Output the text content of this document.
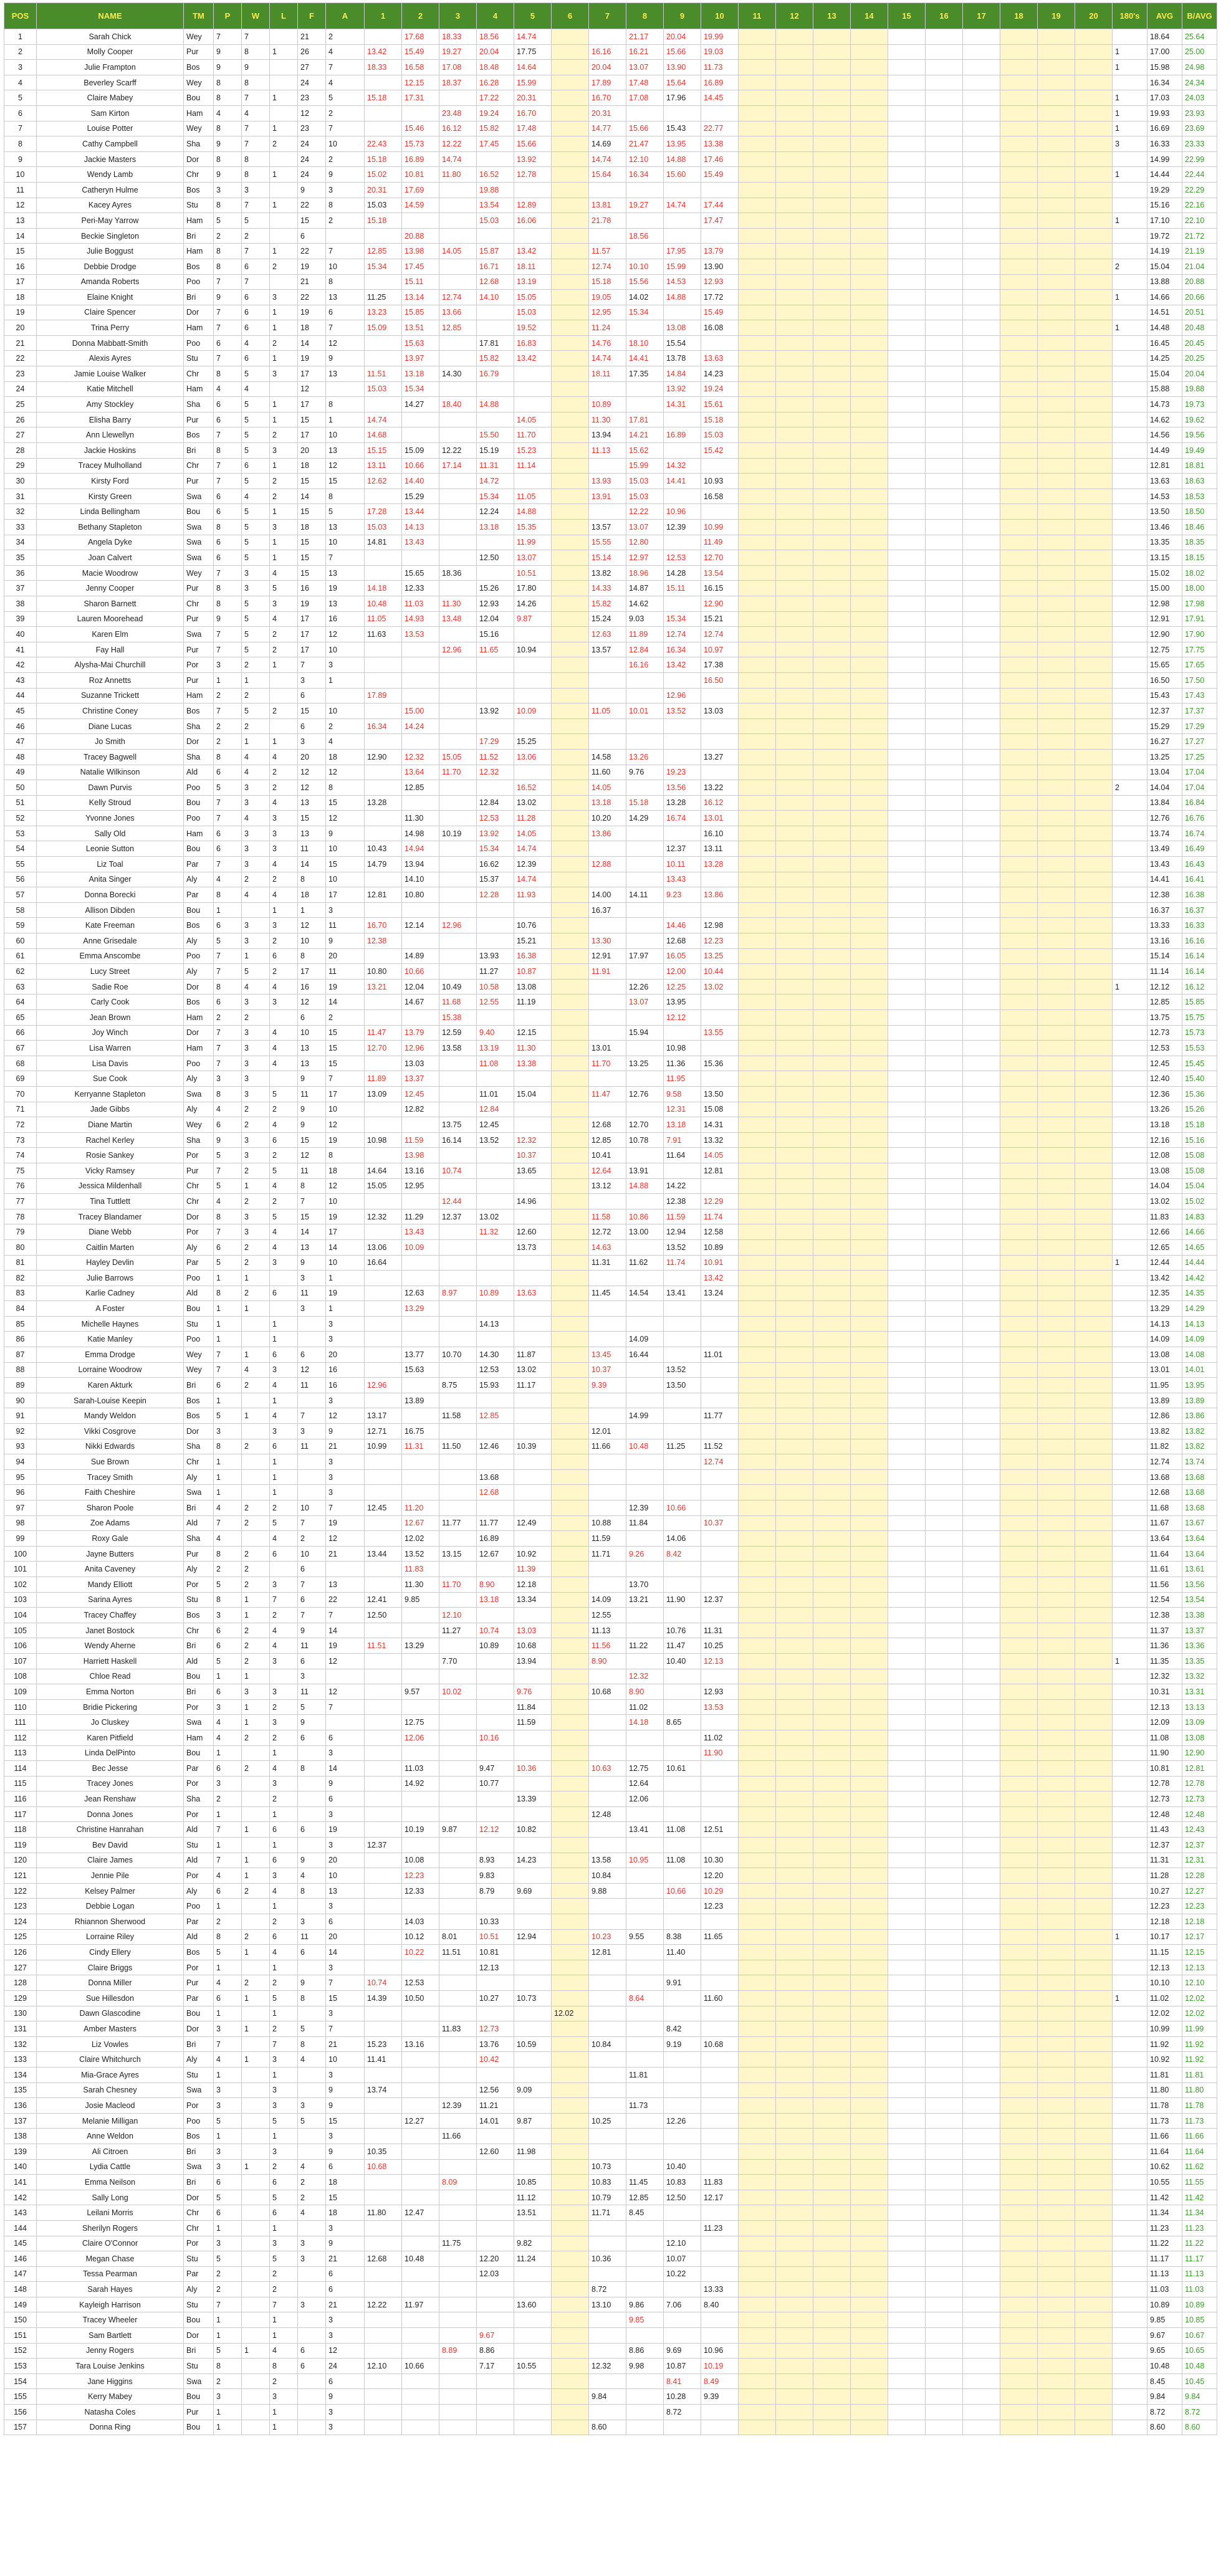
POS	NAME	TM	P	W	L	F	A	1	2	3	4	5	6	7	8	9	10	11	12	13	14	15	16	17	18	19	20	180's	AVG	B/AVG
1	Sarah Chick	Wey	7	7		21	2		17.68	18.33	18.56	14.74			21.17	20.04	19.99												18.64	25.64
2	Molly Cooper	Pur	9	8	1	26	4	13.42	15.49	19.27	20.04	17.75		16.16	16.21	15.66	19.03											1	17.00	25.00
3	Julie Frampton	Bos	9	9		27	7	18.33	16.58	17.08	18.48	14.64		20.04	13.07	13.90	11.73											1	15.98	24.98
4	Beverley Scarff	Wey	8	8		24	4		12.15	18.37	16.28	15.99		17.89	17.48	15.64	16.89												16.34	24.34
5	Claire Mabey	Bou	8	7	1	23	5	15.18	17.31		17.22	20.31		16.70	17.08	17.96	14.45											1	17.03	24.03
6	Sam Kirton	Ham	4	4		12	2			23.48	19.24	16.70		20.31														1	19.93	23.93
7	Louise Potter	Wey	8	7	1	23	7		15.46	16.12	15.82	17.48		14.77	15.66	15.43	22.77											1	16.69	23.69
8	Cathy Campbell	Sha	9	7	2	24	10	22.43	15.73	12.22	17.45	15.66		14.69	21.47	13.95	13.38											3	16.33	23.33
9	Jackie Masters	Dor	8	8		24	2	15.18	16.89	14.74		13.92		14.74	12.10	14.88	17.46												14.99	22.99
10	Wendy Lamb	Chr	9	8	1	24	9	15.02	10.81	11.80	16.52	12.78		15.64	16.34	15.60	15.49											1	14.44	22.44
11	Catheryn Hulme	Bos	3	3		9	3	20.31	17.69		19.88																		19.29	22.29
12	Kacey Ayres	Stu	8	7	1	22	8	15.03	14.59		13.54	12.89		13.81	19.27	14.74	17.44												15.16	22.16
13	Peri-May Yarrow	Ham	5	5		15	2	15.18			15.03	16.06		21.78			17.47											1	17.10	22.10
14	Beckie Singleton	Bri	2	2		6			20.88						18.56														19.72	21.72
15	Julie Boggust	Ham	8	7	1	22	7	12.85	13.98	14.05	15.87	13.42		11.57		17.95	13.79												14.19	21.19
16	Debbie Drodge	Bos	8	6	2	19	10	15.34	17.45		16.71	18.11		12.74	10.10	15.99	13.90											2	15.04	21.04
17	Amanda Roberts	Poo	7	7		21	8		15.11		12.68	13.19		15.18	15.56	14.53	12.93												13.88	20.88
18	Elaine Knight	Bri	9	6	3	22	13	11.25	13.14	12.74	14.10	15.05		19.05	14.02	14.88	17.72											1	14.66	20.66
19	Claire Spencer	Dor	7	6	1	19	6	13.23	15.85	13.66		15.03		12.95	15.34		15.49												14.51	20.51
20	Trina Perry	Ham	7	6	1	18	7	15.09	13.51	12.85		19.52		11.24		13.08	16.08											1	14.48	20.48
21	Donna Mabbatt-Smith	Poo	6	4	2	14	12		15.63		17.81	16.83		14.76	18.10	15.54													16.45	20.45
22	Alexis Ayres	Stu	7	6	1	19	9		13.97		15.82	13.42		14.74	14.41	13.78	13.63												14.25	20.25
23	Jamie Louise Walker	Chr	8	5	3	17	13	11.51	13.18	14.30	16.79			18.11	17.35	14.84	14.23												15.04	20.04
24	Katie Mitchell	Ham	4	4		12		15.03	15.34							13.92	19.24												15.88	19.88
25	Amy Stockley	Sha	6	5	1	17	8		14.27	18.40	14.88			10.89		14.31	15.61												14.73	19.73
26	Elisha Barry	Pur	6	5	1	15	1	14.74				14.05		11.30	17.81		15.18												14.62	19.62
27	Ann Llewellyn	Bos	7	5	2	17	10	14.68			15.50	11.70		13.94	14.21	16.89	15.03												14.56	19.56
28	Jackie Hoskins	Bri	8	5	3	20	13	15.15	15.09	12.22	15.19	15.23		11.13	15.62		15.42												14.49	19.49
29	Tracey Mulholland	Chr	7	6	1	18	12	13.11	10.66	17.14	11.31	11.14			15.99	14.32													12.81	18.81
30	Kirsty Ford	Pur	7	5	2	15	15	12.62	14.40		14.72			13.93	15.03	14.41	10.93												13.63	18.63
31	Kirsty Green	Swa	6	4	2	14	8		15.29		15.34	11.05		13.91	15.03		16.58												14.53	18.53
32	Linda Bellingham	Bou	6	5	1	15	5	17.28	13.44		12.24	14.88			12.22	10.96													13.50	18.50
33	Bethany Stapleton	Swa	8	5	3	18	13	15.03	14.13		13.18	15.35		13.57	13.07	12.39	10.99												13.46	18.46
34	Angela Dyke	Swa	6	5	1	15	10	14.81	13.43			11.99		15.55	12.80		11.49												13.35	18.35
35	Joan Calvert	Swa	6	5	1	15	7				12.50	13.07		15.14	12.97	12.53	12.70												13.15	18.15
36	Macie Woodrow	Wey	7	3	4	15	13		15.65	18.36		10.51		13.82	18.96	14.28	13.54												15.02	18.02
37	Jenny Cooper	Pur	8	3	5	16	19	14.18	12.33		15.26	17.80		14.33	14.87	15.11	16.15												15.00	18.00
38	Sharon Barnett	Chr	8	5	3	19	13	10.48	11.03	11.30	12.93	14.26		15.82	14.62		12.90												12.98	17.98
39	Lauren Moorehead	Pur	9	5	4	17	16	11.05	14.93	13.48	12.04	9.87		15.24	9.03	15.34	15.21												12.91	17.91
40	Karen Elm	Swa	7	5	2	17	12	11.63	13.53		15.16			12.63	11.89	12.74	12.74												12.90	17.90
41	Fay Hall	Pur	7	5	2	17	10			12.96	11.65	10.94		13.57	12.84	16.34	10.97												12.75	17.75
42	Alysha-Mai Churchill	Por	3	2	1	7	3								16.16	13.42	17.38												15.65	17.65
43	Roz Annetts	Pur	1	1		3	1										16.50												16.50	17.50
44	Suzanne Trickett	Ham	2	2		6		17.89								12.96													15.43	17.43
45	Christine Coney	Bos	7	5	2	15	10		15.00		13.92	10.09		11.05	10.01	13.52	13.03												12.37	17.37
46	Diane Lucas	Sha	2	2		6	2	16.34	14.24																				15.29	17.29
47	Jo Smith	Dor	2	1	1	3	4				17.29	15.25																	16.27	17.27
48	Tracey Bagwell	Sha	8	4	4	20	18	12.90	12.32	15.05	11.52	13.06		14.58	13.26		13.27												13.25	17.25
49	Natalie Wilkinson	Ald	6	4	2	12	12		13.64	11.70	12.32			11.60	9.76	19.23													13.04	17.04
50	Dawn Purvis	Poo	5	3	2	12	8		12.85			16.52		14.05		13.56	13.22											2	14.04	17.04
51	Kelly Stroud	Bou	7	3	4	13	15	13.28			12.84	13.02		13.18	15.18	13.28	16.12												13.84	16.84
52	Yvonne Jones	Poo	7	4	3	15	12		11.30		12.53	11.28		10.20	14.29	16.74	13.01												12.76	16.76
53	Sally Old	Ham	6	3	3	13	9		14.98	10.19	13.92	14.05		13.86			16.10												13.74	16.74
54	Leonie Sutton	Bou	6	3	3	11	10	10.43	14.94		15.34	14.74				12.37	13.11												13.49	16.49
55	Liz Toal	Par	7	3	4	14	15	14.79	13.94		16.62	12.39		12.88		10.11	13.28												13.43	16.43
56	Anita Singer	Aly	4	2	2	8	10		14.10		15.37	14.74				13.43													14.41	16.41
57	Donna Borecki	Par	8	4	4	18	17	12.81	10.80		12.28	11.93		14.00	14.11	9.23	13.86												12.38	16.38
58	Allison Dibden	Bou	1		1	1	3							16.37															16.37	16.37
59	Kate Freeman	Bos	6	3	3	12	11	16.70	12.14	12.96		10.76				14.46	12.98												13.33	16.33
60	Anne Grisedale	Aly	5	3	2	10	9	12.38				15.21		13.30		12.68	12.23												13.16	16.16
61	Emma Anscombe	Poo	7	1	6	8	20		14.89		13.93	16.38		12.91	17.97	16.05	13.25												15.14	16.14
62	Lucy Street	Aly	7	5	2	17	11	10.80	10.66		11.27	10.87		11.91		12.00	10.44												11.14	16.14
63	Sadie Roe	Dor	8	4	4	16	19	13.21	12.04	10.49	10.58	13.08			12.26	12.25	13.02											1	12.12	16.12
64	Carly Cook	Bos	6	3	3	12	14		14.67	11.68	12.55	11.19			13.07	13.95													12.85	15.85
65	Jean Brown	Ham	2	2		6	2			15.38						12.12													13.75	15.75
66	Joy Winch	Dor	7	3	4	10	15	11.47	13.79	12.59	9.40	12.15			15.94		13.55												12.73	15.73
67	Lisa Warren	Ham	7	3	4	13	15	12.70	12.96	13.58	13.19	11.30		13.01		10.98													12.53	15.53
68	Lisa Davis	Poo	7	3	4	13	15		13.03		11.08	13.38		11.70	13.25	11.36	15.36												12.45	15.45
69	Sue Cook	Aly	3	3		9	7	11.89	13.37							11.95													12.40	15.40
70	Kerryanne Stapleton	Swa	8	3	5	11	17	13.09	12.45		11.01	15.04		11.47	12.76	9.58	13.50												12.36	15.36
71	Jade Gibbs	Aly	4	2	2	9	10		12.82		12.84					12.31	15.08												13.26	15.26
72	Diane Martin	Wey	6	2	4	9	12			13.75	12.45			12.68	12.70	13.18	14.31												13.18	15.18
73	Rachel Kerley	Sha	9	3	6	15	19	10.98	11.59	16.14	13.52	12.32		12.85	10.78	7.91	13.32												12.16	15.16
74	Rosie Sankey	Por	5	3	2	12	8		13.98			10.37		10.41		11.64	14.05												12.08	15.08
75	Vicky Ramsey	Pur	7	2	5	11	18	14.64	13.16	10.74		13.65		12.64	13.91		12.81												13.08	15.08
76	Jessica Mildenhall	Chr	5	1	4	8	12	15.05	12.95					13.12	14.88	14.22													14.04	15.04
77	Tina Tuttlett	Chr	4	2	2	7	10			12.44		14.96				12.38	12.29												13.02	15.02
78	Tracey Blandamer	Dor	8	3	5	15	19	12.32	11.29	12.37	13.02			11.58	10.86	11.59	11.74												11.83	14.83
79	Diane Webb	Por	7	3	4	14	17		13.43		11.32	12.60		12.72	13.00	12.94	12.58												12.66	14.66
80	Caitlin Marten	Aly	6	2	4	13	14	13.06	10.09			13.73		14.63		13.52	10.89												12.65	14.65
81	Hayley Devlin	Par	5	2	3	9	10	16.64						11.31	11.62	11.74	10.91											1	12.44	14.44
82	Julie Barrows	Poo	1	1		3	1										13.42												13.42	14.42
83	Karlie Cadney	Ald	8	2	6	11	19		12.63	8.97	10.89	13.63		11.45	14.54	13.41	13.24												12.35	14.35
84	A Foster	Bou	1	1		3	1		13.29																				13.29	14.29
85	Michelle Haynes	Stu	1		1		3				14.13																		14.13	14.13
86	Katie Manley	Poo	1		1		3								14.09														14.09	14.09
87	Emma Drodge	Wey	7	1	6	6	20		13.77	10.70	14.30	11.87		13.45	16.44		11.01												13.08	14.08
88	Lorraine Woodrow	Wey	7	4	3	12	16		15.63		12.53	13.02		10.37		13.52													13.01	14.01
89	Karen Akturk	Bri	6	2	4	11	16	12.96		8.75	15.93	11.17		9.39		13.50													11.95	13.95
90	Sarah-Louise Keepin	Bos	1		1		3		13.89																				13.89	13.89
91	Mandy Weldon	Bos	5	1	4	7	12	13.17		11.58	12.85				14.99		11.77												12.86	13.86
92	Vikki Cosgrove	Dor	3		3	3	9	12.71	16.75					12.01															13.82	13.82
93	Nikki Edwards	Sha	8	2	6	11	21	10.99	11.31	11.50	12.46	10.39		11.66	10.48	11.25	11.52												11.82	13.82
94	Sue Brown	Chr	1		1		3										12.74												12.74	13.74
95	Tracey Smith	Aly	1		1		3				13.68																		13.68	13.68
96	Faith Cheshire	Swa	1		1		3				12.68																		12.68	13.68
97	Sharon Poole	Bri	4	2	2	10	7	12.45	11.20						12.39	10.66													11.68	13.68
98	Zoe Adams	Ald	7	2	5	7	19		12.67	11.77	11.77	12.49		10.88	11.84		10.37												11.67	13.67
99	Roxy Gale	Sha	4		4	2	12		12.02		16.89			11.59		14.06													13.64	13.64
100	Jayne Butters	Pur	8	2	6	10	21	13.44	13.52	13.15	12.67	10.92		11.71	9.26	8.42													11.64	13.64
101	Anita Caveney	Aly	2	2		6			11.83			11.39																	11.61	13.61
102	Mandy Elliott	Por	5	2	3	7	13		11.30	11.70	8.90	12.18			13.70														11.56	13.56
103	Sarina Ayres	Stu	8	1	7	6	22	12.41	9.85		13.18	13.34		14.09	13.21	11.90	12.37												12.54	13.54
104	Tracey Chaffey	Bos	3	1	2	7	7	12.50		12.10				12.55															12.38	13.38
105	Janet Bostock	Chr	6	2	4	9	14			11.27	10.74	13.03		11.13		10.76	11.31												11.37	13.37
106	Wendy Aherne	Bri	6	2	4	11	19	11.51	13.29		10.89	10.68		11.56	11.22	11.47	10.25												11.36	13.36
107	Harriett Haskell	Ald	5	2	3	6	12			7.70		13.94		8.90		10.40	12.13											1	11.35	13.35
108	Chloe Read	Bou	1	1		3									12.32														12.32	13.32
109	Emma Norton	Bri	6	3	3	11	12		9.57	10.02		9.76		10.68	8.90		12.93												10.31	13.31
110	Bridie Pickering	Por	3	1	2	5	7					11.84			11.02		13.53												12.13	13.13
111	Jo Cluskey	Swa	4	1	3	9			12.75			11.59			14.18	8.65													12.09	13.09
112	Karen Pitfield	Ham	4	2	2	6	6		12.06		10.16						11.02												11.08	13.08
113	Linda DelPinto	Bou	1		1		3										11.90												11.90	12.90
114	Bec Jesse	Par	6	2	4	8	14		11.03		9.47	10.36		10.63	12.75	10.61													10.81	12.81
115	Tracey Jones	Por	3		3		9		14.92		10.77				12.64														12.78	12.78
116	Jean Renshaw	Sha	2		2		6					13.39			12.06														12.73	12.73
117	Donna Jones	Por	1		1		3							12.48															12.48	12.48
118	Christine Hanrahan	Ald	7	1	6	6	19		10.19	9.87	12.12	10.82			13.41	11.08	12.51												11.43	12.43
119	Bev David	Stu	1		1		3	12.37																					12.37	12.37
120	Claire James	Ald	7	1	6	9	20		10.08		8.93	14.23		13.58	10.95	11.08	10.30												11.31	12.31
121	Jennie Pile	Por	4	1	3	4	10		12.23		9.83			10.84			12.20												11.28	12.28
122	Kelsey Palmer	Aly	6	2	4	8	13		12.33		8.79	9.69		9.88		10.66	10.29												10.27	12.27
123	Debbie Logan	Poo	1		1		3										12.23												12.23	12.23
124	Rhiannon Sherwood	Par	2		2	3	6		14.03		10.33																		12.18	12.18
125	Lorraine Riley	Ald	8	2	6	11	20		10.12	8.01	10.51	12.94		10.23	9.55	8.38	11.65											1	10.17	12.17
126	Cindy Ellery	Bos	5	1	4	6	14		10.22	11.51	10.81			12.81		11.40													11.15	12.15
127	Claire Briggs	Por	1		1		3				12.13																		12.13	12.13
128	Donna Miller	Pur	4	2	2	9	7	10.74	12.53							9.91													10.10	12.10
129	Sue Hillesdon	Par	6	1	5	8	15	14.39	10.50		10.27	10.73			8.64		11.60											1	11.02	12.02
130	Dawn Glascodine	Bou	1		1		3						12.02																12.02	12.02
131	Amber Masters	Dor	3	1	2	5	7			11.83	12.73					8.42													10.99	11.99
132	Liz Vowles	Bri	7		7	8	21	15.23	13.16		13.76	10.59		10.84		9.19	10.68												11.92	11.92
133	Claire Whitchurch	Aly	4	1	3	4	10	11.41			10.42																		10.92	11.92
134	Mia-Grace Ayres	Stu	1		1		3								11.81														11.81	11.81
135	Sarah Chesney	Swa	3		3		9	13.74			12.56	9.09																	11.80	11.80
136	Josie Macleod	Por	3		3	3	9			12.39	11.21				11.73														11.78	11.78
137	Melanie Milligan	Poo	5		5	5	15		12.27		14.01	9.87		10.25		12.26													11.73	11.73
138	Anne Weldon	Bos	1		1		3			11.66																			11.66	11.66
139	Ali Citroen	Bri	3		3		9	10.35			12.60	11.98																	11.64	11.64
140	Lydia Cattle	Swa	3	1	2	4	6	10.68						10.73		10.40													10.62	11.62
141	Emma Neilson	Bri	6		6	2	18			8.09		10.85		10.83	11.45	10.83	11.83												10.55	11.55
142	Sally Long	Dor	5		5	2	15					11.12		10.79	12.85	12.50	12.17												11.42	11.42
143	Leilani Morris	Chr	6		6	4	18	11.80	12.47			13.51		11.71	8.45														11.34	11.34
144	Sherilyn Rogers	Chr	1		1		3										11.23												11.23	11.23
145	Claire O'Connor	Por	3		3	3	9			11.75		9.82				12.10													11.22	11.22
146	Megan Chase	Stu	5		5	3	21	12.68	10.48		12.20	11.24		10.36		10.07													11.17	11.17
147	Tessa Pearman	Par	2		2		6				12.03					10.22													11.13	11.13
148	Sarah Hayes	Aly	2		2		6							8.72			13.33												11.03	11.03
149	Kayleigh Harrison	Stu	7		7	3	21	12.22	11.97			13.60		13.10	9.86	7.06	8.40												10.89	10.89
150	Tracey Wheeler	Bou	1		1		3								9.85														9.85	10.85
151	Sam Bartlett	Dor	1		1		3				9.67																		9.67	10.67
152	Jenny Rogers	Bri	5	1	4	6	12			8.89	8.86				8.86	9.69	10.96												9.65	10.65
153	Tara Louise Jenkins	Stu	8		8	6	24	12.10	10.66		7.17	10.55		12.32	9.98	10.87	10.19												10.48	10.48
154	Jane Higgins	Swa	2		2		6									8.41	8.49												8.45	10.45
155	Kerry Mabey	Bou	3		3		9							9.84		10.28	9.39												9.84	9.84
156	Natasha Coles	Pur	1		1		3									8.72													8.72	8.72
157	Donna Ring	Bou	1		1		3							8.60															8.60	8.60
